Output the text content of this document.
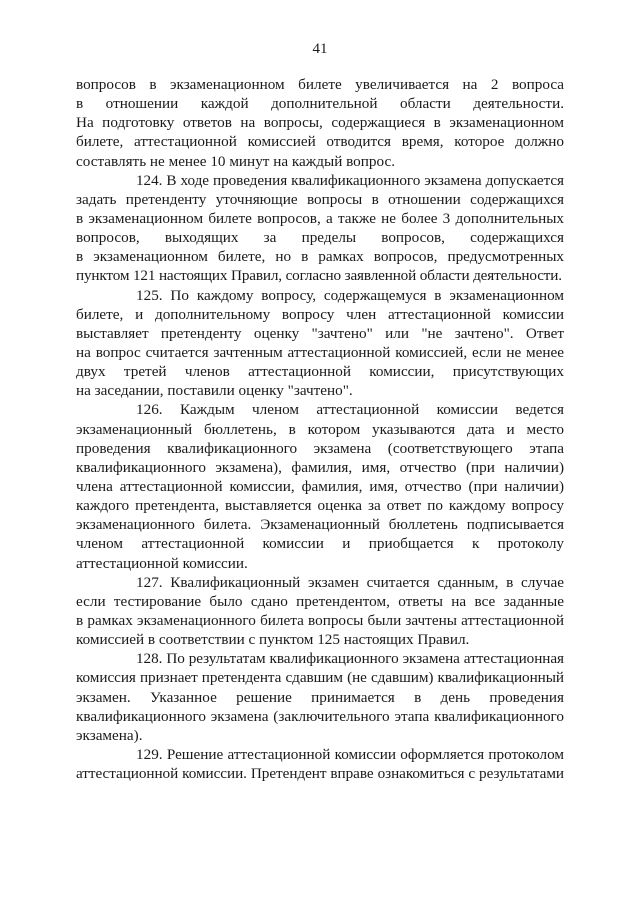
41
вопросов в экзаменационном билете увеличивается на 2 вопроса
в отношении каждой дополнительной области деятельности.
На подготовку ответов на вопросы, содержащиеся в экзаменационном
билете, аттестационной комиссией отводится время, которое должно
составлять не менее 10 минут на каждый вопрос.
124. В ходе проведения квалификационного экзамена допускается
задать претенденту уточняющие вопросы в отношении содержащихся
в экзаменационном билете вопросов, а также не более 3 дополнительных
вопросов, выходящих за пределы вопросов, содержащихся
в экзаменационном билете, но в рамках вопросов, предусмотренных
пунктом 121 настоящих Правил, согласно заявленной области деятельности.
125. По каждому вопросу, содержащемуся в экзаменационном
билете, и дополнительному вопросу член аттестационной комиссии
выставляет претенденту оценку "зачтено" или "не зачтено". Ответ
на вопрос считается зачтенным аттестационной комиссией, если не менее
двух третей членов аттестационной комиссии, присутствующих
на заседании, поставили оценку "зачтено".
126. Каждым членом аттестационной комиссии ведется
экзаменационный бюллетень, в котором указываются дата и место
проведения квалификационного экзамена (соответствующего этапа
квалификационного экзамена), фамилия, имя, отчество (при наличии)
члена аттестационной комиссии, фамилия, имя, отчество (при наличии)
каждого претендента, выставляется оценка за ответ по каждому вопросу
экзаменационного билета. Экзаменационный бюллетень подписывается
членом аттестационной комиссии и приобщается к протоколу
аттестационной комиссии.
127. Квалификационный экзамен считается сданным, в случае
если тестирование было сдано претендентом, ответы на все заданные
в рамках экзаменационного билета вопросы были зачтены аттестационной
комиссией в соответствии с пунктом 125 настоящих Правил.
128. По результатам квалификационного экзамена аттестационная
комиссия признает претендента сдавшим (не сдавшим) квалификационный
экзамен. Указанное решение принимается в день проведения
квалификационного экзамена (заключительного этапа квалификационного
экзамена).
129. Решение аттестационной комиссии оформляется протоколом
аттестационной комиссии. Претендент вправе ознакомиться с результатами
